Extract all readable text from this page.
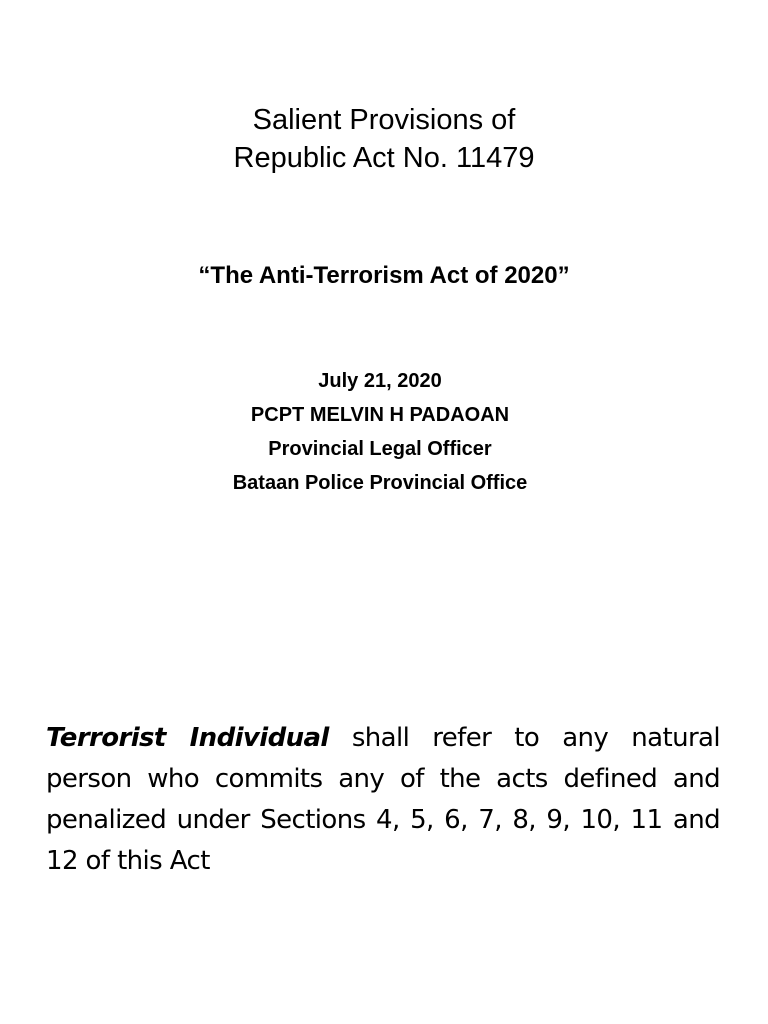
Salient Provisions of
Republic Act No. 11479
“The Anti-Terrorism Act of 2020”
July 21, 2020
PCPT MELVIN H PADAOAN
Provincial Legal Officer
Bataan Police Provincial Office
Terrorist Individual shall refer to any natural person who commits any of the acts defined and penalized under Sections 4, 5, 6, 7, 8, 9, 10, 11 and 12 of this Act
